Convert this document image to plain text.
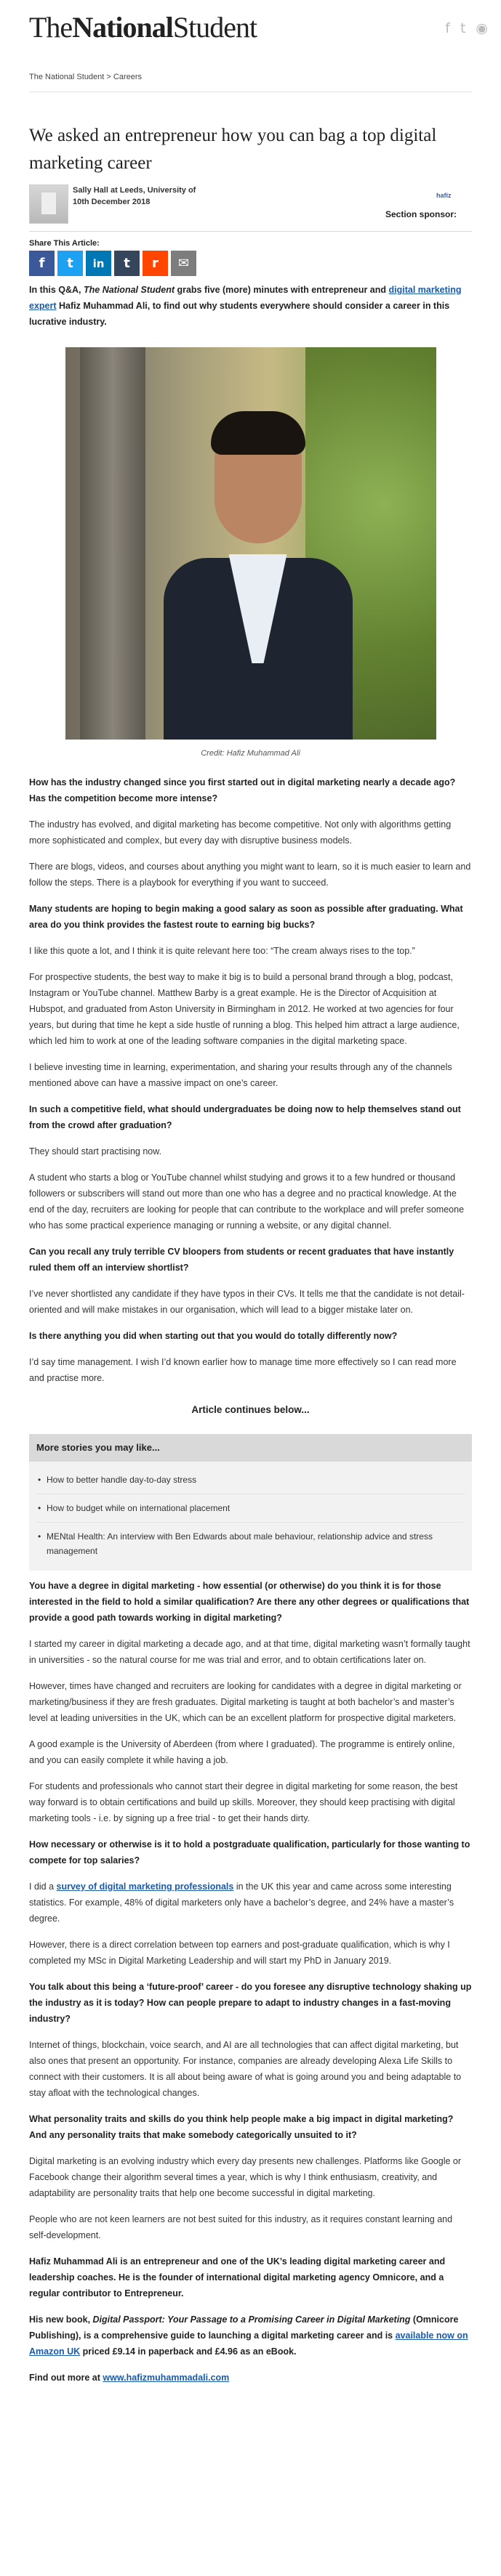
TheNationalStudent	f t ◉
The National Student > Careers
We asked an entrepreneur how you can bag a top digital marketing career
Sally Hall at Leeds, University of
10th December 2018
hafiz
Section sponsor:
Share This Article:
f	t	in	t	r	✉

In this Q&A, The National Student grabs five (more) minutes with entrepreneur and digital marketing expert Hafiz Muhammad Ali, to find out why students everywhere should consider a career in this lucrative industry.

Credit: Hafiz Muhammad Ali

How has the industry changed since you first started out in digital marketing nearly a decade ago? Has the competition become more intense?

The industry has evolved, and digital marketing has become competitive. Not only with algorithms getting more sophisticated and complex, but every day with disruptive business models.

There are blogs, videos, and courses about anything you might want to learn, so it is much easier to learn and follow the steps. There is a playbook for everything if you want to succeed.

Many students are hoping to begin making a good salary as soon as possible after graduating. What area do you think provides the fastest route to earning big bucks?

I like this quote a lot, and I think it is quite relevant here too: “The cream always rises to the top.”

For prospective students, the best way to make it big is to build a personal brand through a blog, podcast, Instagram or YouTube channel. Matthew Barby is a great example. He is the Director of Acquisition at Hubspot, and graduated from Aston University in Birmingham in 2012. He worked at two agencies for four years, but during that time he kept a side hustle of running a blog. This helped him attract a large audience, which led him to work at one of the leading software companies in the digital marketing space.

I believe investing time in learning, experimentation, and sharing your results through any of the channels mentioned above can have a massive impact on one’s career.

In such a competitive field, what should undergraduates be doing now to help themselves stand out from the crowd after graduation?

They should start practising now.

A student who starts a blog or YouTube channel whilst studying and grows it to a few hundred or thousand followers or subscribers will stand out more than one who has a degree and no practical knowledge. At the end of the day, recruiters are looking for people that can contribute to the workplace and will prefer someone who has some practical experience managing or running a website, or any digital channel.

Can you recall any truly terrible CV bloopers from students or recent graduates that have instantly ruled them off an interview shortlist?

I’ve never shortlisted any candidate if they have typos in their CVs. It tells me that the candidate is not detail-oriented and will make mistakes in our organisation, which will lead to a bigger mistake later on.

Is there anything you did when starting out that you would do totally differently now?

I’d say time management. I wish I’d known earlier how to manage time more effectively so I can read more and practise more.

Article continues below...
More stories you may like...
• How to better handle day-to-day stress
• How to budget while on international placement
• MENtal Health: An interview with Ben Edwards about male behaviour, relationship advice and stress management

You have a degree in digital marketing - how essential (or otherwise) do you think it is for those interested in the field to hold a similar qualification? Are there any other degrees or qualifications that provide a good path towards working in digital marketing?

I started my career in digital marketing a decade ago, and at that time, digital marketing wasn’t formally taught in universities - so the natural course for me was trial and error, and to obtain certifications later on.

However, times have changed and recruiters are looking for candidates with a degree in digital marketing or marketing/business if they are fresh graduates. Digital marketing is taught at both bachelor’s and master’s level at leading universities in the UK, which can be an excellent platform for prospective digital marketers.

A good example is the University of Aberdeen (from where I graduated). The programme is entirely online, and you can easily complete it while having a job.

For students and professionals who cannot start their degree in digital marketing for some reason, the best way forward is to obtain certifications and build up skills. Moreover, they should keep practising with digital marketing tools - i.e. by signing up a free trial - to get their hands dirty.

How necessary or otherwise is it to hold a postgraduate qualification, particularly for those wanting to compete for top salaries?

I did a survey of digital marketing professionals in the UK this year and came across some interesting statistics. For example, 48% of digital marketers only have a bachelor’s degree, and 24% have a master’s degree.

However, there is a direct correlation between top earners and post-graduate qualification, which is why I completed my MSc in Digital Marketing Leadership and will start my PhD in January 2019.

You talk about this being a ‘future-proof’ career - do you foresee any disruptive technology shaking up the industry as it is today? How can people prepare to adapt to industry changes in a fast-moving industry?

Internet of things, blockchain, voice search, and AI are all technologies that can affect digital marketing, but also ones that present an opportunity. For instance, companies are already developing Alexa Life Skills to connect with their customers. It is all about being aware of what is going around you and being adaptable to stay afloat with the technological changes.

What personality traits and skills do you think help people make a big impact in digital marketing? And any personality traits that make somebody categorically unsuited to it?

Digital marketing is an evolving industry which every day presents new challenges. Platforms like Google or Facebook change their algorithm several times a year, which is why I think enthusiasm, creativity, and adaptability are personality traits that help one become successful in digital marketing.

People who are not keen learners are not best suited for this industry, as it requires constant learning and self-development.

Hafiz Muhammad Ali is an entrepreneur and one of the UK’s leading digital marketing career and leadership coaches. He is the founder of international digital marketing agency Omnicore, and a regular contributor to Entrepreneur.

His new book, Digital Passport: Your Passage to a Promising Career in Digital Marketing (Omnicore Publishing), is a comprehensive guide to launching a digital marketing career and is available now on Amazon UK priced £9.14 in paperback and £4.96 as an eBook.

Find out more at www.hafizmuhammadali.com
